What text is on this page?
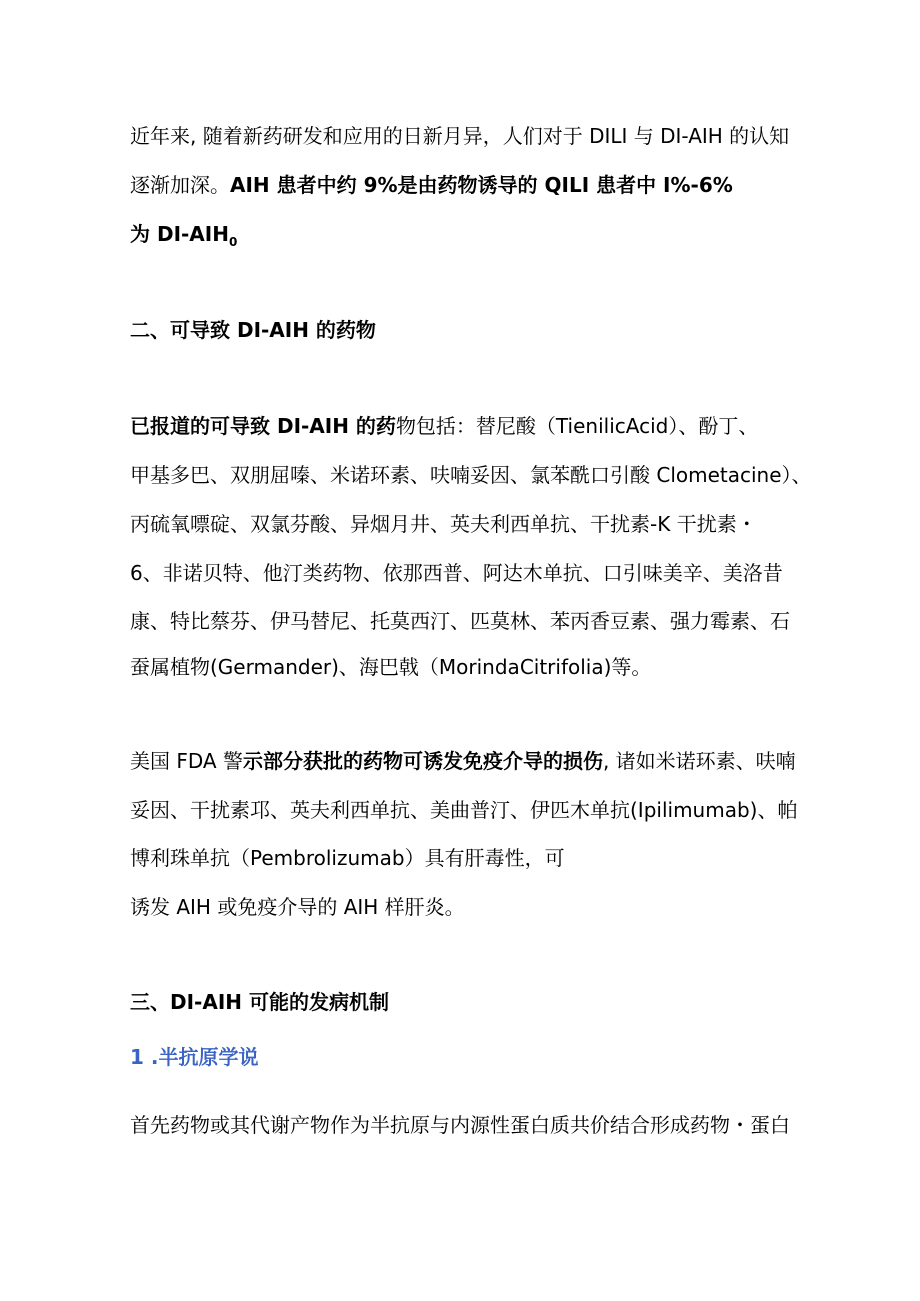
近年来, 随着新药研发和应用的日新月异，人们对于 DILI 与 DI-AIH 的认知
逐渐加深。AIH 患者中约 9%是由药物诱导的 QILI 患者中 I%-6%
为 $DI-AIH_0$
二、可导致 DI-AIH 的药物
已报道的可导致 DI-AIH 的药物包括：替尼酸（TienilicAcid）、酚丁、
甲基多巴、双朋屈嗪、米诺环素、呋喃妥因、氯苯酰口引酸 Clometacine）、
丙硫氧嘌碇、双氯芬酸、异烟月井、英夫利西单抗、干扰素-K 干扰素・
6、非诺贝特、他汀类药物、依那西普、阿达木单抗、口引味美辛、美洛昔
康、特比蔡芬、伊马替尼、托莫西汀、匹莫林、苯丙香豆素、强力霉素、石
蚕属植物(Germander)、海巴戟（MorindaCitrifolia)等。
美国 FDA 警示部分获批的药物可诱发免疫介导的损伤, 诸如米诺环素、呋喃
妥因、干扰素邛、英夫利西单抗、美曲普汀、伊匹木单抗(Ipilimumab)、帕
博利珠单抗（Pembrolizumab）具有肝毒性，可
诱发 AIH 或免疫介导的 AIH 样肝炎。
三、DI-AIH 可能的发病机制
1 .半抗原学说
首先药物或其代谢产物作为半抗原与内源性蛋白质共价结合形成药物・蛋白
